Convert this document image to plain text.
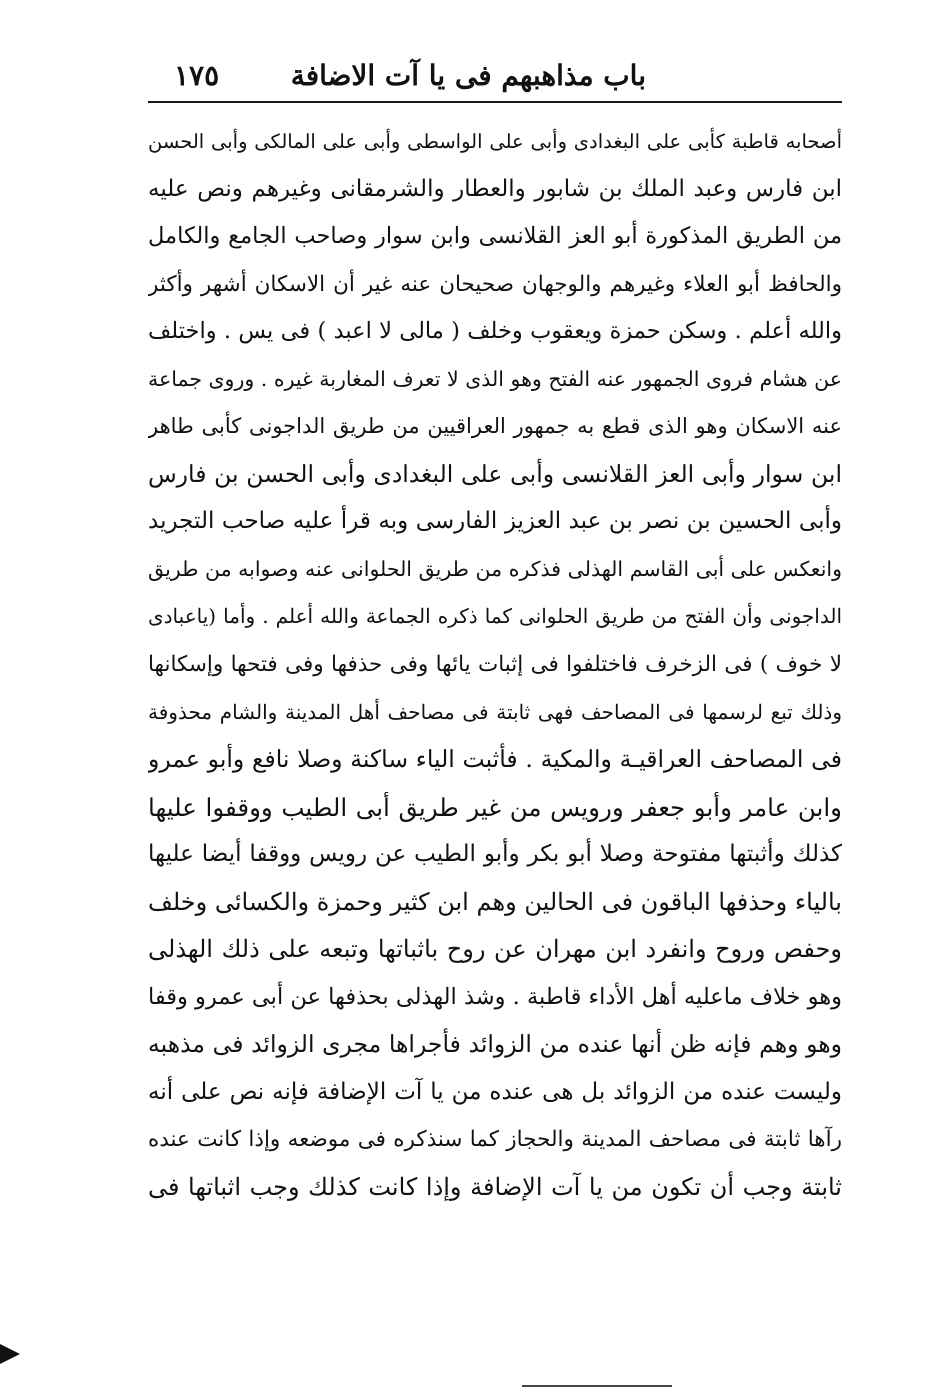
باب مذاهبهم فى يا آت الاضافة
١٧٥
أصحابه قاطبة كأبى على البغدادى وأبى على الواسطى وأبى على المالكى وأبى الحسن
ابن فارس وعبد الملك بن شابور والعطار والشرمقانى وغيرهم ونص عليه
من الطريق المذكورة أبو العز القلانسى وابن سوار وصاحب الجامع والكامل
والحافظ أبو العلاء وغيرهم والوجهان صحيحان عنه غير أن الاسكان أشهر وأكثر
والله أعلم . وسكن حمزة ويعقوب وخلف ( مالى لا اعبد ) فى يس . واختلف
عن هشام فروى الجمهور عنه الفتح وهو الذى لا تعرف المغاربة غيره . وروى جماعة
عنه الاسكان وهو الذى قطع به جمهور العراقيين من طريق الداجونى كأبى طاهر
ابن سوار وأبى العز القلانسى وأبى على البغدادى وأبى الحسن بن فارس
وأبى الحسين بن نصر بن عبد العزيز الفارسى وبه قرأ عليه صاحب التجريد
وانعكس على أبى القاسم الهذلى فذكره من طريق الحلوانى عنه وصوابه من طريق
الداجونى وأن الفتح من طريق الحلوانى كما ذكره الجماعة والله أعلم . وأما (ياعبادى
لا خوف ) فى الزخرف فاختلفوا فى إثبات يائها وفى حذفها وفى فتحها وإسكانها
وذلك تبع لرسمها فى المصاحف فهى ثابتة فى مصاحف أهل المدينة والشام محذوفة
فى المصاحف العراقيـة والمكية . فأثبت الياء ساكنة وصلا نافع وأبو عمرو
وابن عامر وأبو جعفر ورويس من غير طريق أبى الطيب ووقفوا عليها
كذلك وأثبتها مفتوحة وصلا أبو بكر وأبو الطيب عن رويس ووقفا أيضا عليها
بالياء وحذفها الباقون فى الحالين وهم ابن كثير وحمزة والكسائى وخلف
وحفص وروح وانفرد ابن مهران عن روح باثباتها وتبعه على ذلك الهذلى
وهو خلاف ماعليه أهل الأداء قاطبة . وشذ الهذلى بحذفها عن أبى عمرو وقفا
وهو وهم فإنه ظن أنها عنده من الزوائد فأجراها مجرى الزوائد فى مذهبه
وليست عنده من الزوائد بل هى عنده من يا آت الإضافة فإنه نص على أنه
رآها ثابتة فى مصاحف المدينة والحجاز كما سنذكره فى موضعه وإذا كانت عنده
ثابتة وجب أن تكون من يا آت الإضافة وإذا كانت كذلك وجب اثباتها فى
